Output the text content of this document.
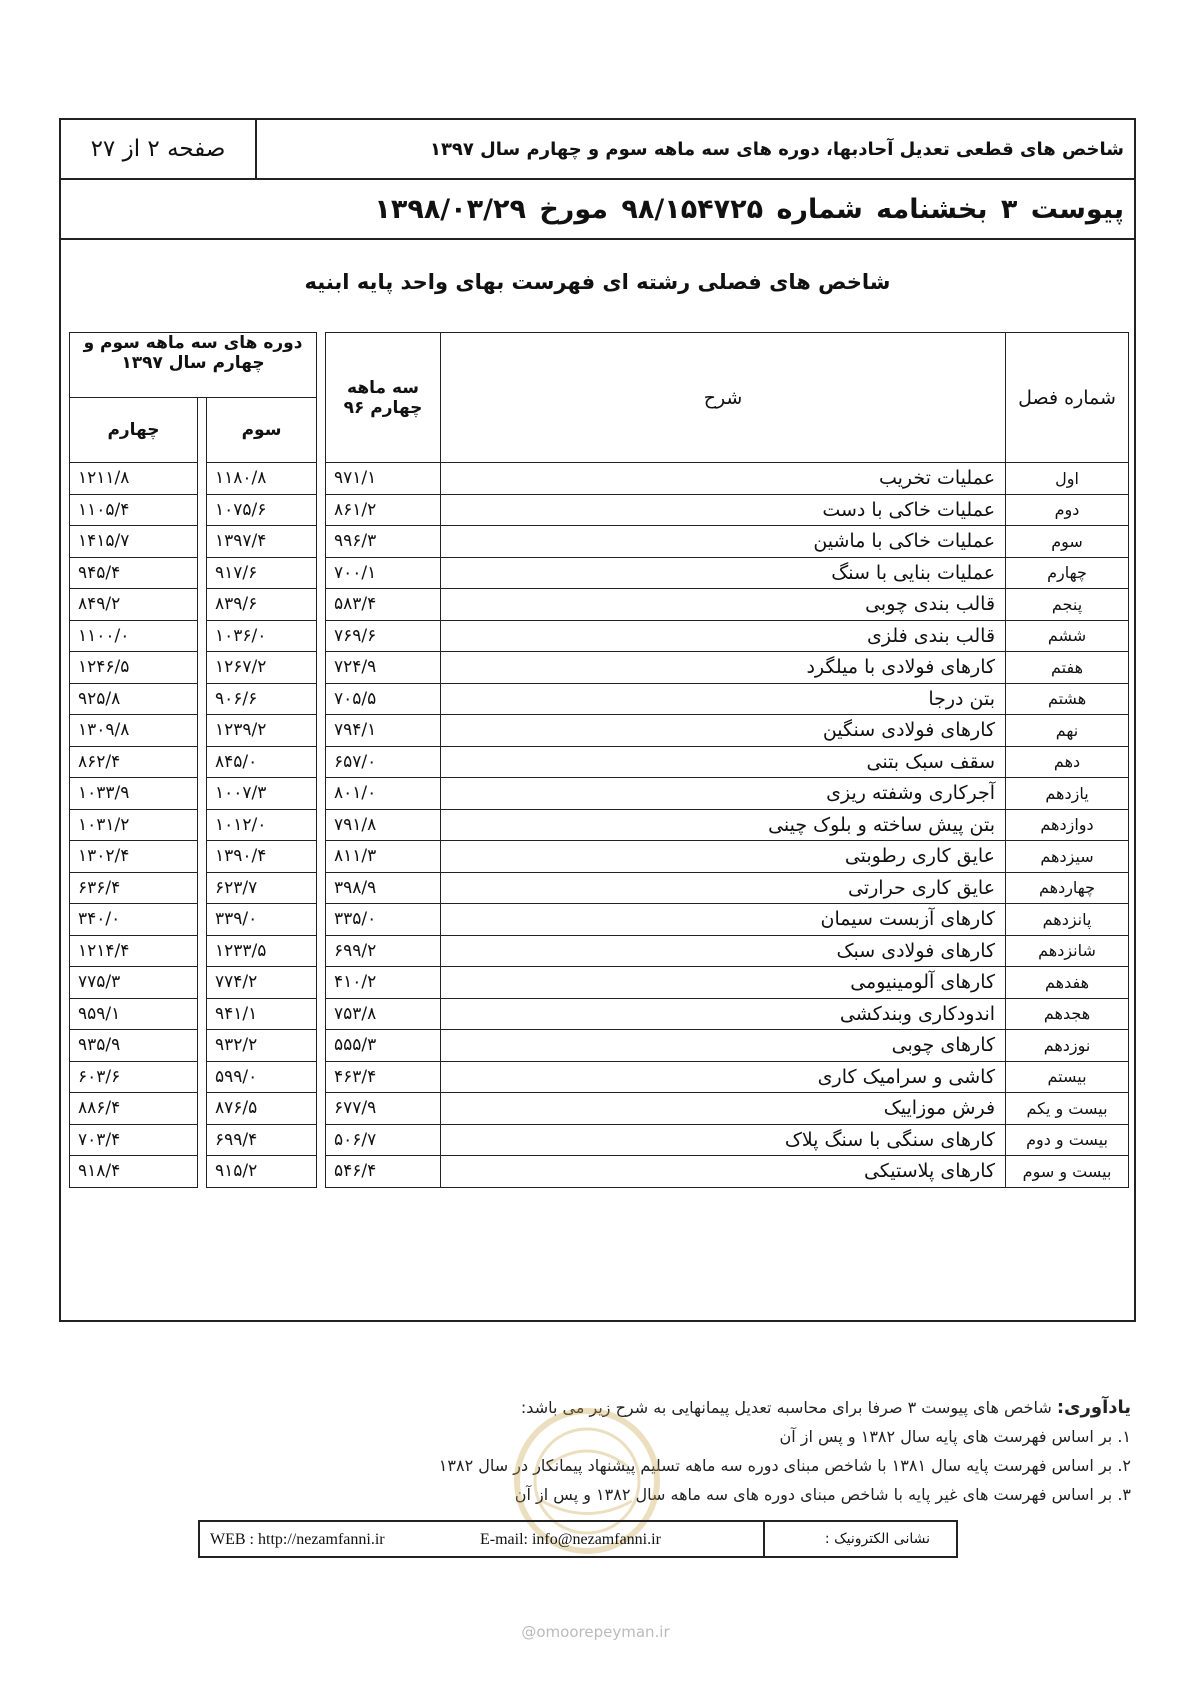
صفحه ۲ از ۲۷	شاخص های قطعی تعدیل آحادبها، دوره های سه ماهه سوم و چهارم سال ۱۳۹۷
پیوست ۳ بخشنامه شماره ۹۸/۱۵۴۷۲۵ مورخ ۱۳۹۸/۰۳/۲۹
شاخص های فصلی رشته ای فهرست بهای واحد پایه ابنیه
دوره های سه ماهه سوم و چهارم سال ۱۳۹۷				سه ماهه چهارم ۹۶	شرح	شماره فصل
چهارم		سوم				
۱۲۱۱/۸		۱۱۸۰/۸		۹۷۱/۱	عملیات تخریب	اول
۱۱۰۵/۴		۱۰۷۵/۶		۸۶۱/۲	عملیات خاکی با دست	دوم
۱۴۱۵/۷		۱۳۹۷/۴		۹۹۶/۳	عملیات خاکی با ماشین	سوم
۹۴۵/۴		۹۱۷/۶		۷۰۰/۱	عملیات بنایی با سنگ	چهارم
۸۴۹/۲		۸۳۹/۶		۵۸۳/۴	قالب بندی چوبی	پنجم
۱۱۰۰/۰		۱۰۳۶/۰		۷۶۹/۶	قالب بندی فلزی	ششم
۱۲۴۶/۵		۱۲۶۷/۲		۷۲۴/۹	کارهای فولادی با میلگرد	هفتم
۹۲۵/۸		۹۰۶/۶		۷۰۵/۵	بتن درجا	هشتم
۱۳۰۹/۸		۱۲۳۹/۲		۷۹۴/۱	کارهای فولادی سنگین	نهم
۸۶۲/۴		۸۴۵/۰		۶۵۷/۰	سقف سبک بتنی	دهم
۱۰۳۳/۹		۱۰۰۷/۳		۸۰۱/۰	آجرکاری وشفته ریزی	یازدهم
۱۰۳۱/۲		۱۰۱۲/۰		۷۹۱/۸	بتن پیش ساخته و بلوک چینی	دوازدهم
۱۳۰۲/۴		۱۳۹۰/۴		۸۱۱/۳	عایق کاری رطوبتی	سیزدهم
۶۳۶/۴		۶۲۳/۷		۳۹۸/۹	عایق کاری حرارتی	چهاردهم
۳۴۰/۰		۳۳۹/۰		۳۳۵/۰	کارهای آزبست سیمان	پانزدهم
۱۲۱۴/۴		۱۲۳۳/۵		۶۹۹/۲	کارهای فولادی سبک	شانزدهم
۷۷۵/۳		۷۷۴/۲		۴۱۰/۲	کارهای آلومینیومی	هفدهم
۹۵۹/۱		۹۴۱/۱		۷۵۳/۸	اندودکاری وبندکشی	هجدهم
۹۳۵/۹		۹۳۲/۲		۵۵۵/۳	کارهای چوبی	نوزدهم
۶۰۳/۶		۵۹۹/۰		۴۶۳/۴	کاشی و سرامیک کاری	بیستم
۸۸۶/۴		۸۷۶/۵		۶۷۷/۹	فرش موزاییک	بیست و یکم
۷۰۳/۴		۶۹۹/۴		۵۰۶/۷	کارهای سنگی با سنگ پلاک	بیست و دوم
۹۱۸/۴		۹۱۵/۲		۵۴۶/۴	کارهای پلاستیکی	بیست و سوم
یادآوری: شاخص های پیوست ۳ صرفا برای محاسبه تعدیل پیمانهایی به شرح زیر می باشد:
۱. بر اساس فهرست های پایه سال ۱۳۸۲ و پس از آن
۲. بر اساس فهرست پایه سال ۱۳۸۱ با شاخص مبنای دوره سه ماهه تسلیم پیشنهاد پیمانکار در سال ۱۳۸۲
۳. بر اساس فهرست های غیر پایه با شاخص مبنای دوره های سه ماهه سال ۱۳۸۲ و پس از آن
WEB : http://nezamfanni.ir	E-mail: info@nezamfanni.ir	نشانی الکترونیک :
@omoorepeyman.ir
